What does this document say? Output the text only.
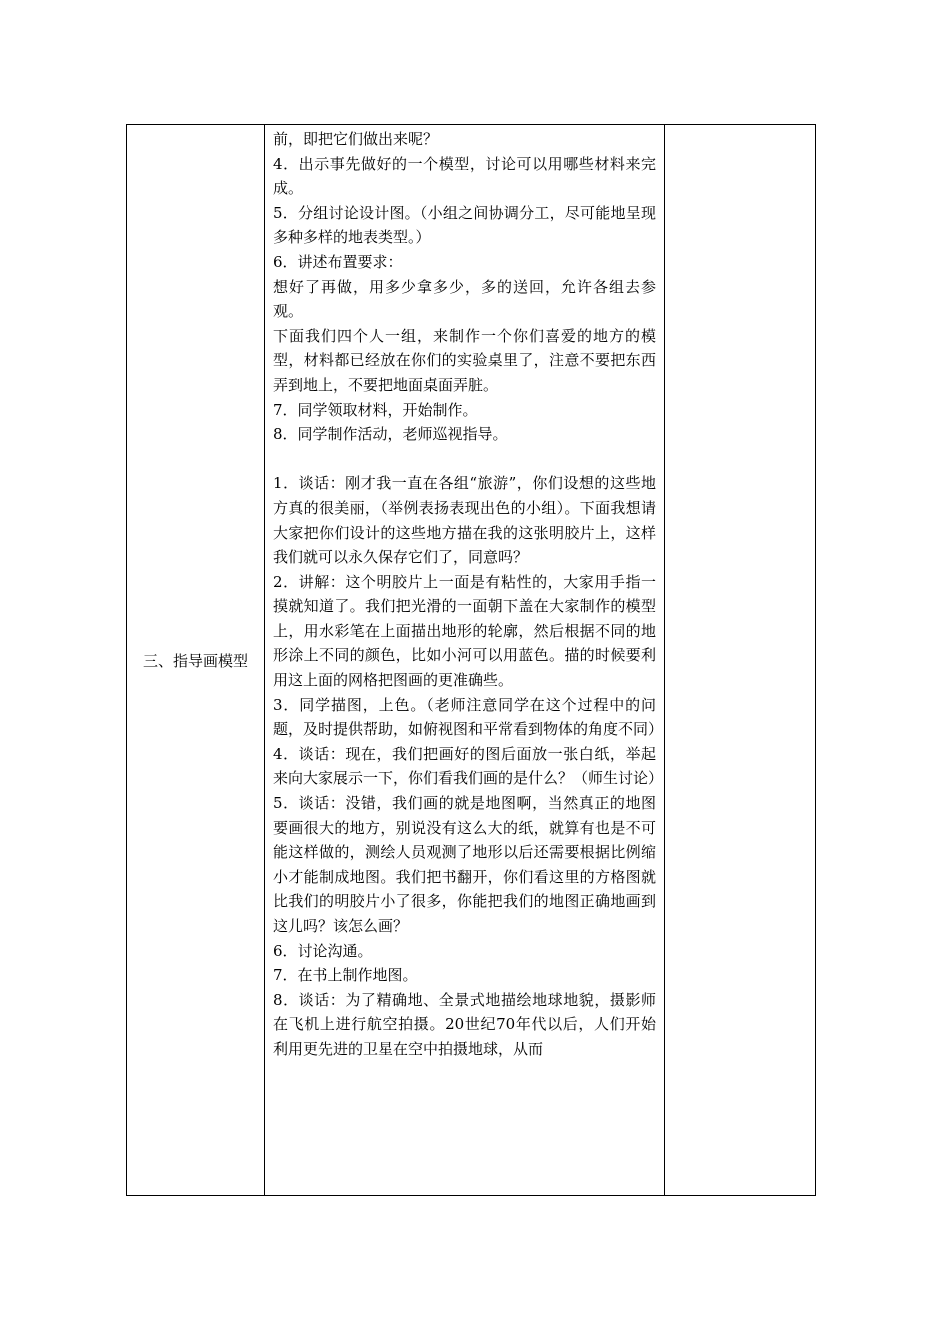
三、指导画模型	

前，即把它们做出来呢？

4．出示事先做好的一个模型，讨论可以用哪些材料来完成。

5．分组讨论设计图。（小组之间协调分工，尽可能地呈现多种多样的地表类型。）

6．讲述布置要求：

想好了再做，用多少拿多少，多的送回，允许各组去参观。

下面我们四个人一组，来制作一个你们喜爱的地方的模型，材料都已经放在你们的实验桌里了，注意不要把东西弄到地上，不要把地面桌面弄脏。

7．同学领取材料，开始制作。

8．同学制作活动，老师巡视指导。

1．谈话：刚才我一直在各组“旅游”，你们设想的这些地方真的很美丽，（举例表扬表现出色的小组）。下面我想请大家把你们设计的这些地方描在我的这张明胶片上，这样我们就可以永久保存它们了，同意吗？

2．讲解：这个明胶片上一面是有粘性的，大家用手指一摸就知道了。我们把光滑的一面朝下盖在大家制作的模型上，用水彩笔在上面描出地形的轮廓，然后根据不同的地形涂上不同的颜色，比如小河可以用蓝色。描的时候要利用这上面的网格把图画的更准确些。

3．同学描图，上色。（老师注意同学在这个过程中的问题，及时提供帮助，如俯视图和平常看到物体的角度不同）

4．谈话：现在，我们把画好的图后面放一张白纸，举起来向大家展示一下，你们看我们画的是什么？（师生讨论）

5．谈话：没错，我们画的就是地图啊，当然真正的地图要画很大的地方，别说没有这么大的纸，就算有也是不可能这样做的，测绘人员观测了地形以后还需要根据比例缩小才能制成地图。我们把书翻开，你们看这里的方格图就比我们的明胶片小了很多，你能把我们的地图正确地画到这儿吗？该怎么画？

6．讨论沟通。

7．在书上制作地图。

8．谈话：为了精确地、全景式地描绘地球地貌，摄影师在飞机上进行航空拍摄。20世纪70年代以后，人们开始利用更先进的卫星在空中拍摄地球，从而
